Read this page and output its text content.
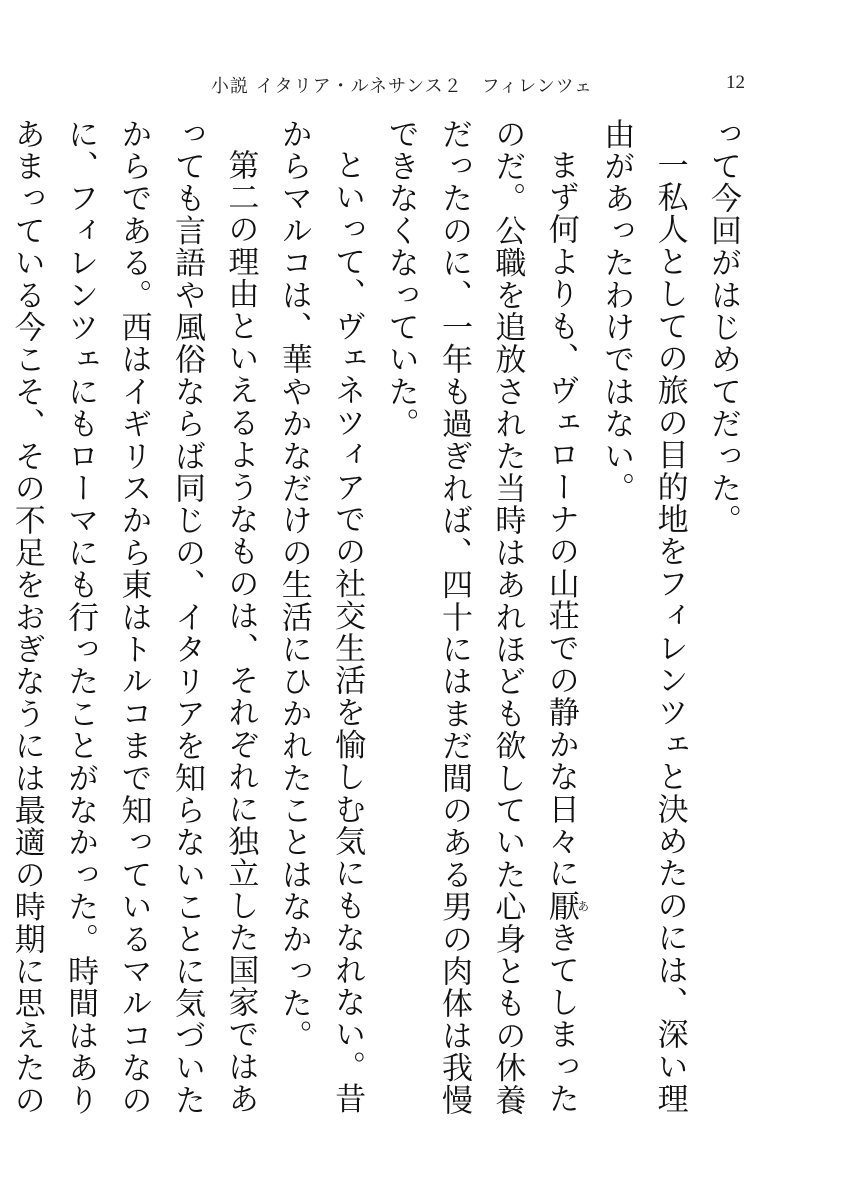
小説 イタリア・ルネサンス２　フィレンツェ	12

って今回がはじめてだった。

一私人としての旅の目的地をフィレンツェと決めたのには、深い理由があったわけではない。

まず何よりも、ヴェローナの山荘での静かな日々に厭あきてしまったのだ。公職を追放された当時はあれほども欲していた心身ともの休養だったのに、一年も過ぎれば、四十にはまだ間のある男の肉体は我慢できなくなっていた。

といって、ヴェネツィアでの社交生活を愉しむ気にもなれない。昔からマルコは、華やかなだけの生活にひかれたことはなかった。

第二の理由といえるようなものは、それぞれに独立した国家ではあっても言語や風俗ならば同じの、イタリアを知らないことに気づいたからである。西はイギリスから東はトルコまで知っているマルコなのに、フィレンツェにもローマにも行ったことがなかった。時間はありあまっている今こそ、その不足をおぎなうには最適の時期に思えたの
